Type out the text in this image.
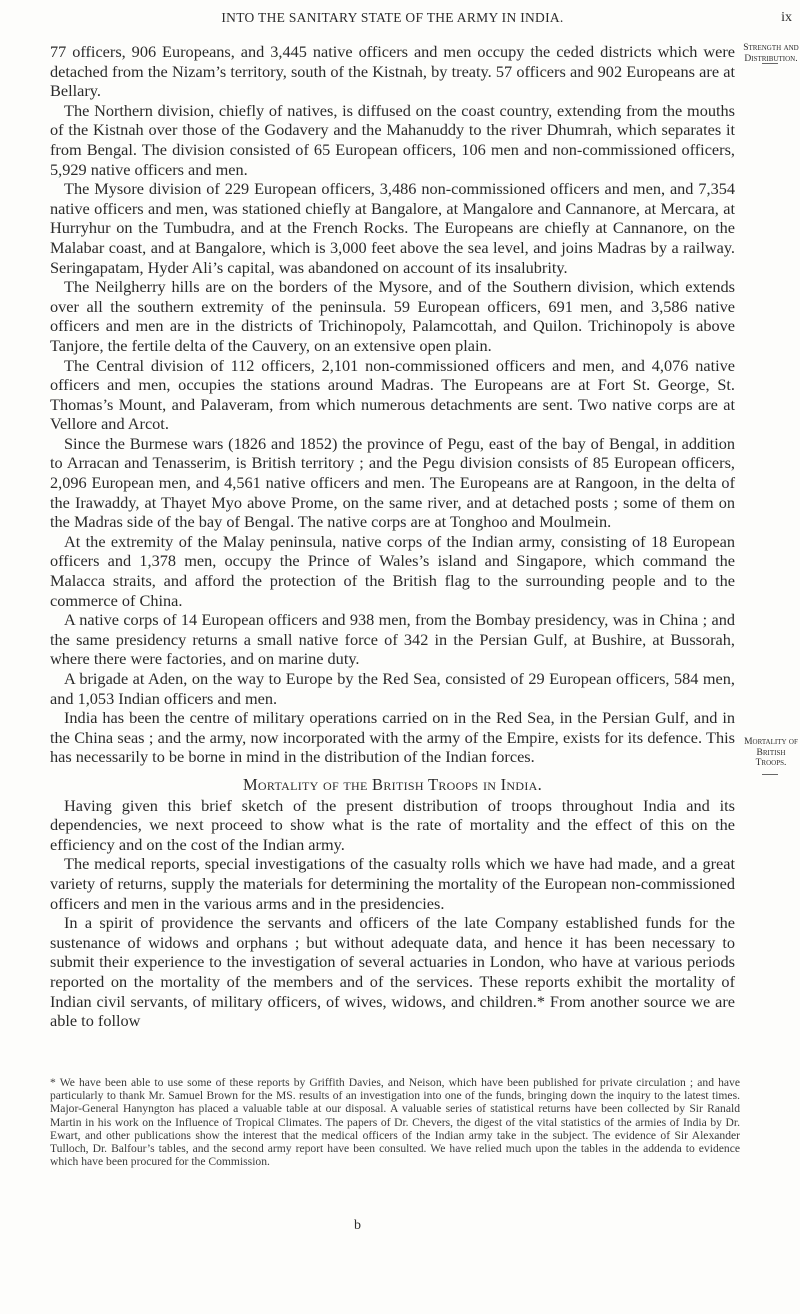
INTO THE SANITARY STATE OF THE ARMY IN INDIA.	ix
Strength and Distribution.
Mortality of British Troops.

77 officers, 906 Europeans, and 3,445 native officers and men occupy the ceded districts which were detached from the Nizam’s territory, south of the Kistnah, by treaty. 57 officers and 902 Europeans are at Bellary.

The Northern division, chiefly of natives, is diffused on the coast country, extending from the mouths of the Kistnah over those of the Godavery and the Mahanuddy to the river Dhumrah, which separates it from Bengal. The division consisted of 65 European officers, 106 men and non-commissioned officers, 5,929 native officers and men.

The Mysore division of 229 European officers, 3,486 non-commissioned officers and men, and 7,354 native officers and men, was stationed chiefly at Bangalore, at Mangalore and Cannanore, at Mercara, at Hurryhur on the Tumbudra, and at the French Rocks. The Europeans are chiefly at Cannanore, on the Malabar coast, and at Bangalore, which is 3,000 feet above the sea level, and joins Madras by a railway. Seringapatam, Hyder Ali’s capital, was abandoned on account of its insalubrity.

The Neilgherry hills are on the borders of the Mysore, and of the Southern division, which extends over all the southern extremity of the peninsula. 59 European officers, 691 men, and 3,586 native officers and men are in the districts of Trichinopoly, Palamcottah, and Quilon. Trichinopoly is above Tanjore, the fertile delta of the Cauvery, on an extensive open plain.

The Central division of 112 officers, 2,101 non-commissioned officers and men, and 4,076 native officers and men, occupies the stations around Madras. The Europeans are at Fort St. George, St. Thomas’s Mount, and Palaveram, from which numerous detachments are sent. Two native corps are at Vellore and Arcot.

Since the Burmese wars (1826 and 1852) the province of Pegu, east of the bay of Bengal, in addition to Arracan and Tenasserim, is British territory ; and the Pegu division consists of 85 European officers, 2,096 European men, and 4,561 native officers and men. The Europeans are at Rangoon, in the delta of the Irawaddy, at Thayet Myo above Prome, on the same river, and at detached posts ; some of them on the Madras side of the bay of Bengal. The native corps are at Tonghoo and Moulmein.

At the extremity of the Malay peninsula, native corps of the Indian army, consisting of 18 European officers and 1,378 men, occupy the Prince of Wales’s island and Singapore, which command the Malacca straits, and afford the protection of the British flag to the surrounding people and to the commerce of China.

A native corps of 14 European officers and 938 men, from the Bombay presidency, was in China ; and the same presidency returns a small native force of 342 in the Persian Gulf, at Bushire, at Bussorah, where there were factories, and on marine duty.

A brigade at Aden, on the way to Europe by the Red Sea, consisted of 29 European officers, 584 men, and 1,053 Indian officers and men.

India has been the centre of military operations carried on in the Red Sea, in the Persian Gulf, and in the China seas ; and the army, now incorporated with the army of the Empire, exists for its defence. This has necessarily to be borne in mind in the distribution of the Indian forces.

Mortality of the British Troops in India.

Having given this brief sketch of the present distribution of troops throughout India and its dependencies, we next proceed to show what is the rate of mortality and the effect of this on the efficiency and on the cost of the Indian army.

The medical reports, special investigations of the casualty rolls which we have had made, and a great variety of returns, supply the materials for determining the mortality of the European non-commissioned officers and men in the various arms and in the presidencies.

In a spirit of providence the servants and officers of the late Company established funds for the sustenance of widows and orphans ; but without adequate data, and hence it has been necessary to submit their experience to the investigation of several actuaries in London, who have at various periods reported on the mortality of the members and of the services. These reports exhibit the mortality of Indian civil servants, of military officers, of wives, widows, and children.* From another source we are able to follow

* We have been able to use some of these reports by Griffith Davies, and Neison, which have been published for private circulation ; and have particularly to thank Mr. Samuel Brown for the MS. results of an investigation into one of the funds, bringing down the inquiry to the latest times. Major-General Hanyngton has placed a valuable table at our disposal. A valuable series of statistical returns have been collected by Sir Ranald Martin in his work on the Influence of Tropical Climates. The papers of Dr. Chevers, the digest of the vital statistics of the armies of India by Dr. Ewart, and other publications show the interest that the medical officers of the Indian army take in the subject. The evidence of Sir Alexander Tulloch, Dr. Balfour’s tables, and the second army report have been consulted. We have relied much upon the tables in the addenda to evidence which have been procured for the Commission.
b
